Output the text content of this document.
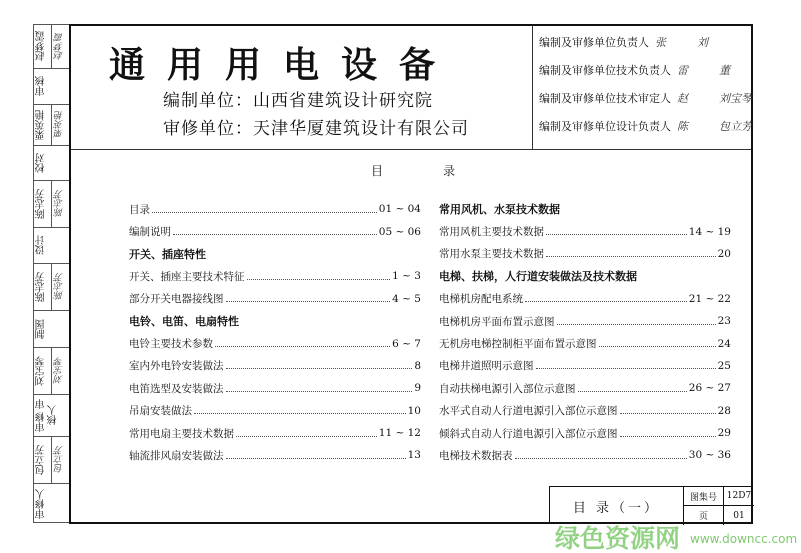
赵梦霞 赵梦霞
审核
栗英艳 栗英艳
校对
陈志芳 陈志芳
设计
陈志芳 陈志芳
制图
刘宝琴 刘宝琴
审修 审核人
包立芳 包立芳
审修人
通用用电设备
编制单位：山西省建筑设计研究院
审修单位：天津华厦建筑设计有限公司
编制及审修单位负责人 张	刘
编制及审修单位技术负责人 雷	董
编制及审修单位技术审定人 赵	刘宝琴
编制及审修单位设计负责人 陈	包立芳
目录
目录	01 ~ 04
编制说明	05 ~ 06
开关、插座特性
开关、插座主要技术特征	1 ~ 3
部分开关电器接线图	4 ~ 5
电铃、电笛、电扇特性
电铃主要技术参数	6 ~ 7
室内外电铃安装做法	8
电笛选型及安装做法	9
吊扇安装做法	10
常用电扇主要技术数据	11 ~ 12
轴流排风扇安装做法	13
常用风机、水泵技术数据
常用风机主要技术数据	14 ~ 19
常用水泵主要技术数据	20
电梯、扶梯，人行道安装做法及技术数据
电梯机房配电系统	21 ~ 22
电梯机房平面布置示意图	23
无机房电梯控制柜平面布置示意图	24
电梯井道照明示意图	25
自动扶梯电源引入部位示意图	26 ~ 27
水平式自动人行道电源引入部位示意图	28
倾斜式自动人行道电源引入部位示意图	29
电梯技术数据表	30 ~ 36
目 录（一）
图集号	12D7
页	01
绿色资源网 www.downcc.com
